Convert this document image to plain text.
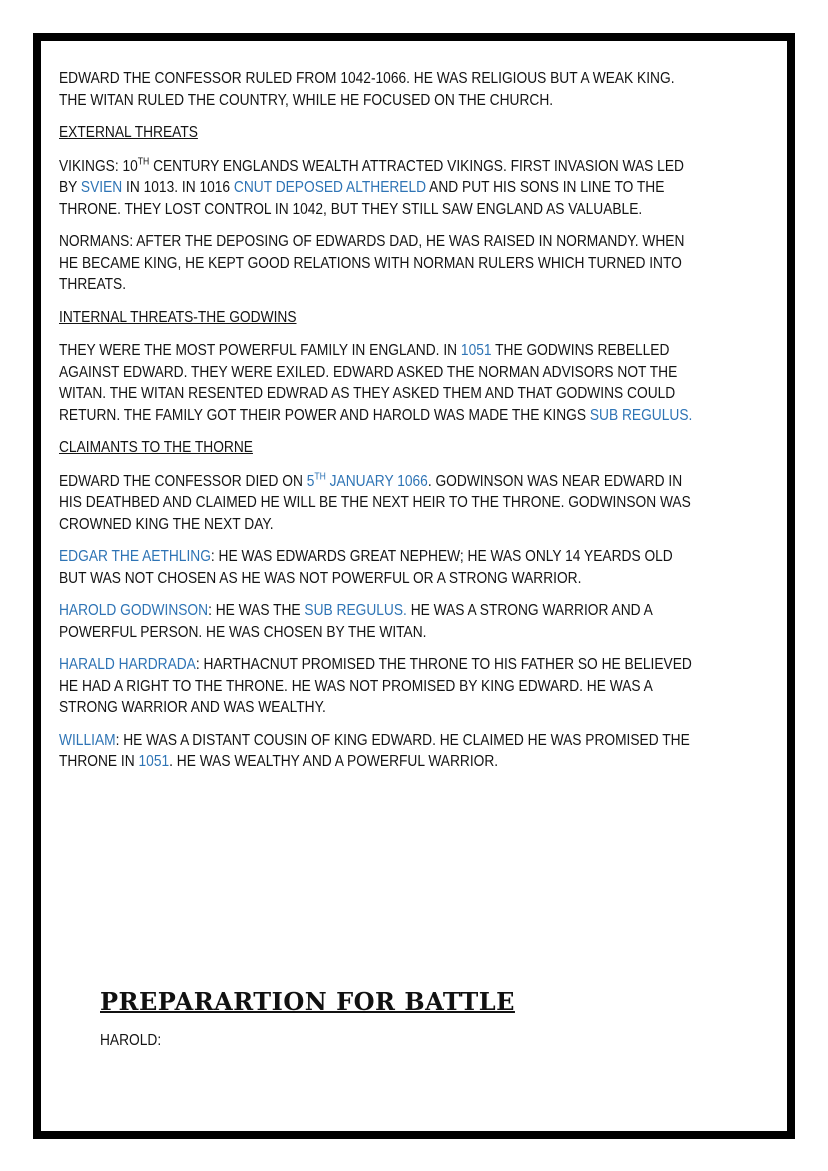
EDWARD THE CONFESSOR RULED FROM 1042-1066. HE WAS RELIGIOUS BUT A WEAK KING. THE WITAN RULED THE COUNTRY, WHILE HE FOCUSED ON THE CHURCH.

EXTERNAL THREATS

VIKINGS: 10TH CENTURY ENGLANDS WEALTH ATTRACTED VIKINGS. FIRST INVASION WAS LED BY SVIEN IN 1013. IN 1016 CNUT DEPOSED ALTHERELD AND PUT HIS SONS IN LINE TO THE THRONE. THEY LOST CONTROL IN 1042, BUT THEY STILL SAW ENGLAND AS VALUABLE.

NORMANS: AFTER THE DEPOSING OF EDWARDS DAD, HE WAS RAISED IN NORMANDY. WHEN HE BECAME KING, HE KEPT GOOD RELATIONS WITH NORMAN RULERS WHICH TURNED INTO THREATS.

INTERNAL THREATS-THE GODWINS

THEY WERE THE MOST POWERFUL FAMILY IN ENGLAND. IN 1051 THE GODWINS REBELLED AGAINST EDWARD. THEY WERE EXILED. EDWARD ASKED THE NORMAN ADVISORS NOT THE WITAN. THE WITAN RESENTED EDWRAD AS THEY ASKED THEM AND THAT GODWINS COULD RETURN. THE FAMILY GOT THEIR POWER AND HAROLD WAS MADE THE KINGS SUB REGULUS.

CLAIMANTS TO THE THORNE

EDWARD THE CONFESSOR DIED ON 5TH JANUARY 1066. GODWINSON WAS NEAR EDWARD IN HIS DEATHBED AND CLAIMED HE WILL BE THE NEXT HEIR TO THE THRONE. GODWINSON WAS CROWNED KING THE NEXT DAY.

EDGAR THE AETHLING: HE WAS EDWARDS GREAT NEPHEW; HE WAS ONLY 14 YEARDS OLD BUT WAS NOT CHOSEN AS HE WAS NOT POWERFUL OR A STRONG WARRIOR.

HAROLD GODWINSON: HE WAS THE SUB REGULUS. HE WAS A STRONG WARRIOR AND A POWERFUL PERSON. HE WAS CHOSEN BY THE WITAN.

HARALD HARDRADA: HARTHACNUT PROMISED THE THRONE TO HIS FATHER SO HE BELIEVED HE HAD A RIGHT TO THE THRONE. HE WAS NOT PROMISED BY KING EDWARD. HE WAS A STRONG WARRIOR AND WAS WEALTHY.

WILLIAM: HE WAS A DISTANT COUSIN OF KING EDWARD. HE CLAIMED HE WAS PROMISED THE THRONE IN 1051. HE WAS WEALTHY AND A POWERFUL WARRIOR.

PREPARARTION FOR BATTLE
HAROLD:
